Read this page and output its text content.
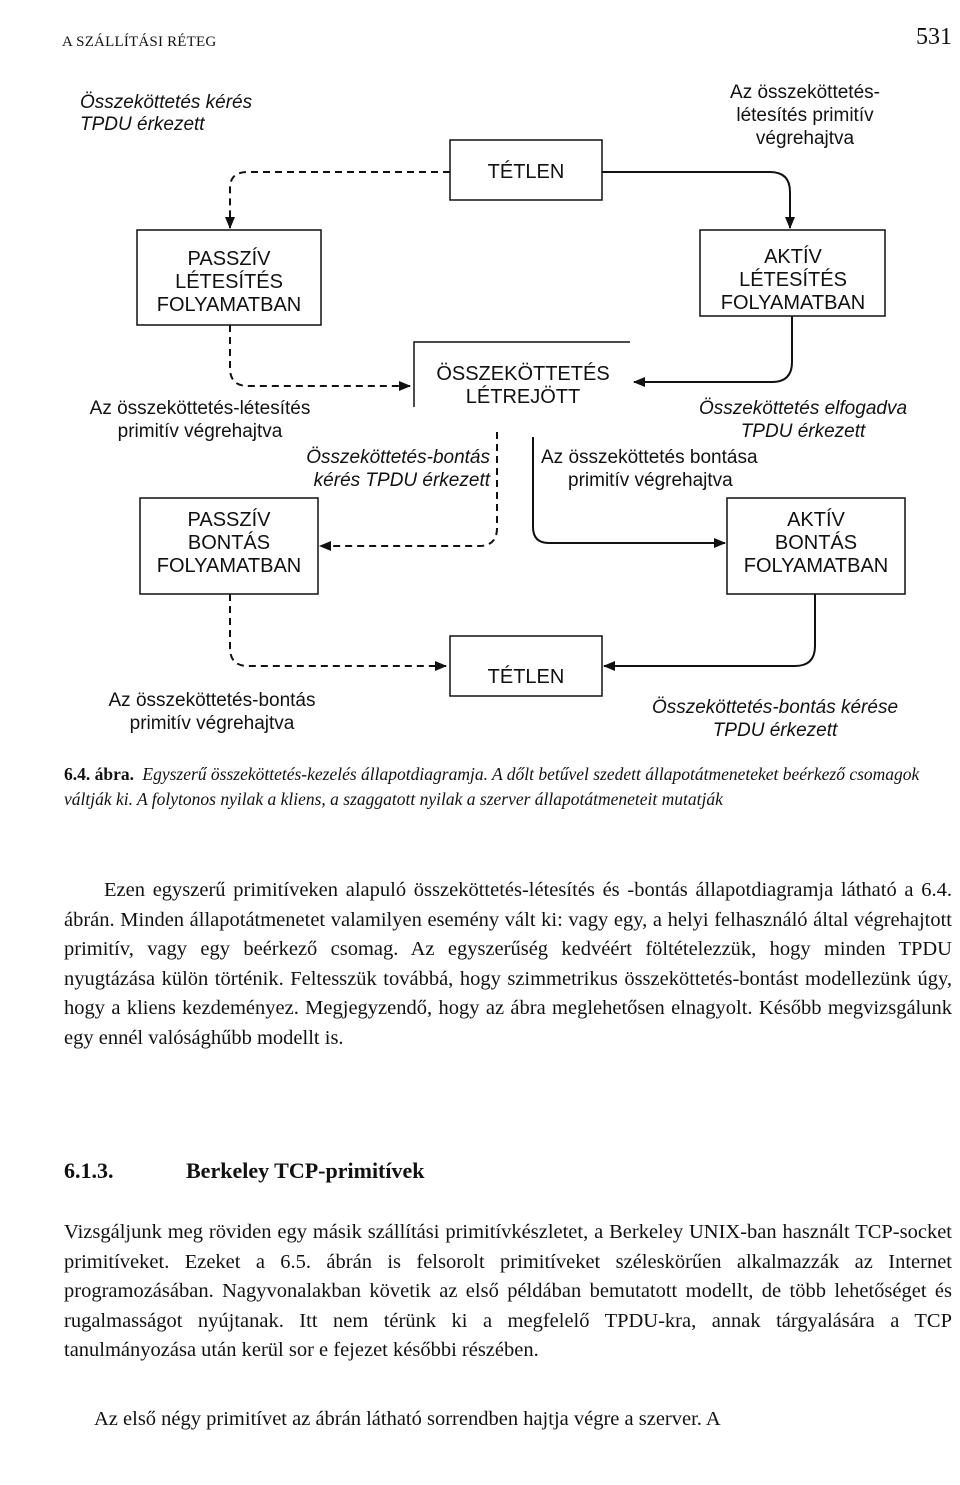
A SZÁLLÍTÁSI RÉTEG	531
TÉTLEN
PASSZÍV
LÉTESÍTÉS
FOLYAMATBAN
AKTÍV
LÉTESÍTÉS
FOLYAMATBAN
ÖSSZEKÖTTETÉS
LÉTREJÖTT
PASSZÍV
BONTÁS
FOLYAMATBAN
AKTÍV
BONTÁS
FOLYAMATBAN
TÉTLEN
Összeköttetés kérés
TPDU érkezett
Az összeköttetés-
létesítés primitív
végrehajtva
Az összeköttetés-létesítés
primitív végrehajtva
Összeköttetés elfogadva
TPDU érkezett
Összeköttetés-bontás
kérés TPDU érkezett
Az összeköttetés bontása
primitív végrehajtva
Az összeköttetés-bontás
primitív végrehajtva
Összeköttetés-bontás kérése
TPDU érkezett
6.4. ábra. Egyszerű összeköttetés-kezelés állapotdiagramja. A dőlt betűvel szedett állapotátmeneteket beérkező csomagok váltják ki. A folytonos nyilak a kliens, a szaggatott nyilak a szerver állapotátmeneteit mutatják
Ezen egyszerű primitíveken alapuló összeköttetés-létesítés és -bontás állapotdiagramja látható a 6.4. ábrán. Minden állapotátmenetet valamilyen esemény vált ki: vagy egy, a helyi felhasználó által végrehajtott primitív, vagy egy beérkező csomag. Az egyszerűség kedvéért föltételezzük, hogy minden TPDU nyugtázása külön történik. Feltesszük továbbá, hogy szimmetrikus összeköttetés-bontást modellezünk úgy, hogy a kliens kezdeményez. Megjegyzendő, hogy az ábra meglehetősen elnagyolt. Később megvizsgálunk egy ennél valósághűbb modellt is.
6.1.3.	Berkeley TCP-primitívek
Vizsgáljunk meg röviden egy másik szállítási primitívkészletet, a Berkeley UNIX-ban használt TCP-socket primitíveket. Ezeket a 6.5. ábrán is felsorolt primitíveket széleskörűen alkalmazzák az Internet programozásában. Nagyvonalakban követik az első példában bemutatott modellt, de több lehetőséget és rugalmasságot nyújtanak. Itt nem térünk ki a megfelelő TPDU-kra, annak tárgyalására a TCP tanulmányozása után kerül sor e fejezet későbbi részében.
Az első négy primitívet az ábrán látható sorrendben hajtja végre a szerver. A
